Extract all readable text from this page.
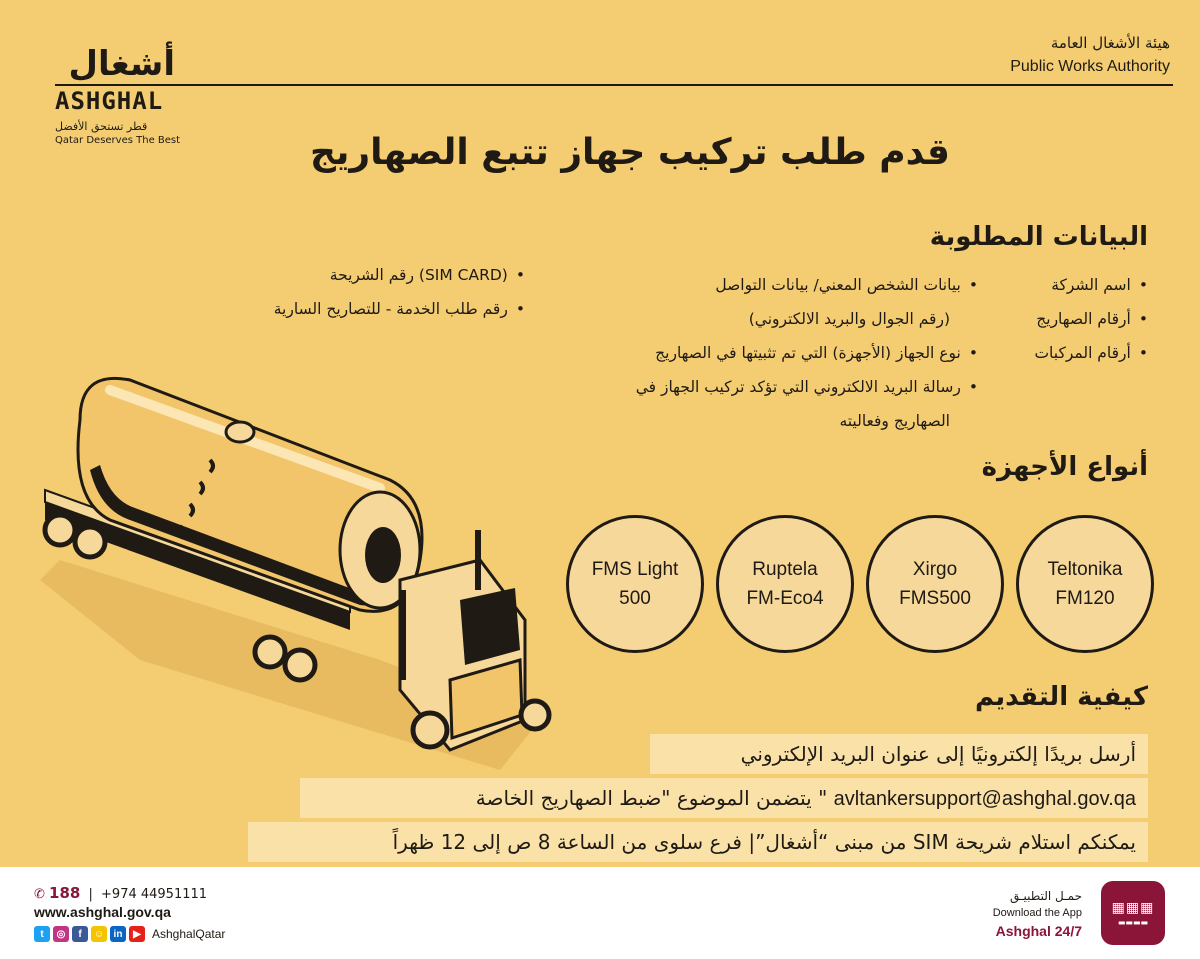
أشغال
ASHGHAL
قطر تستحق الأفضل
Qatar Deserves The Best
هيئة الأشغال العامة
Public Works Authority
قدم طلب تركيب جهاز تتبع الصهاريج
البيانات المطلوبة
• اسم الشركة
• أرقام الصهاريج
• أرقام المركبات
• بيانات الشخص المعني/ بيانات التواصل
(رقم الجوال والبريد الالكتروني)
• نوع الجهاز (الأجهزة) التي تم تثبيتها في الصهاريج
• رسالة البريد الالكتروني التي تؤكد تركيب الجهاز في
الصهاريج وفعاليته
• (SIM CARD) رقم الشريحة
• رقم طلب الخدمة - للتصاريح السارية
أنواع الأجهزة
Teltonika
FM120
Xirgo
FMS500
Ruptela
FM-Eco4
FMS Light
500
كيفية التقديم
أرسل بريدًا إلكترونيًا إلى عنوان البريد الإلكتروني
avltankersupport@ashghal.gov.qa " يتضمن الموضوع "ضبط الصهاريج الخاصة
يمكنكم استلام شريحة SIM من مبنى “أشغال”| فرع سلوى من الساعة 8 ص إلى 12 ظهراً
✆ 188 | +974 44951111
www.ashghal.gov.qa
t	◎	f	☺ in	▶ AshghalQatar
حمـل التطبيـق
Download the App
Ashghal 24/7
▦▦▦
▬▬▬▬
